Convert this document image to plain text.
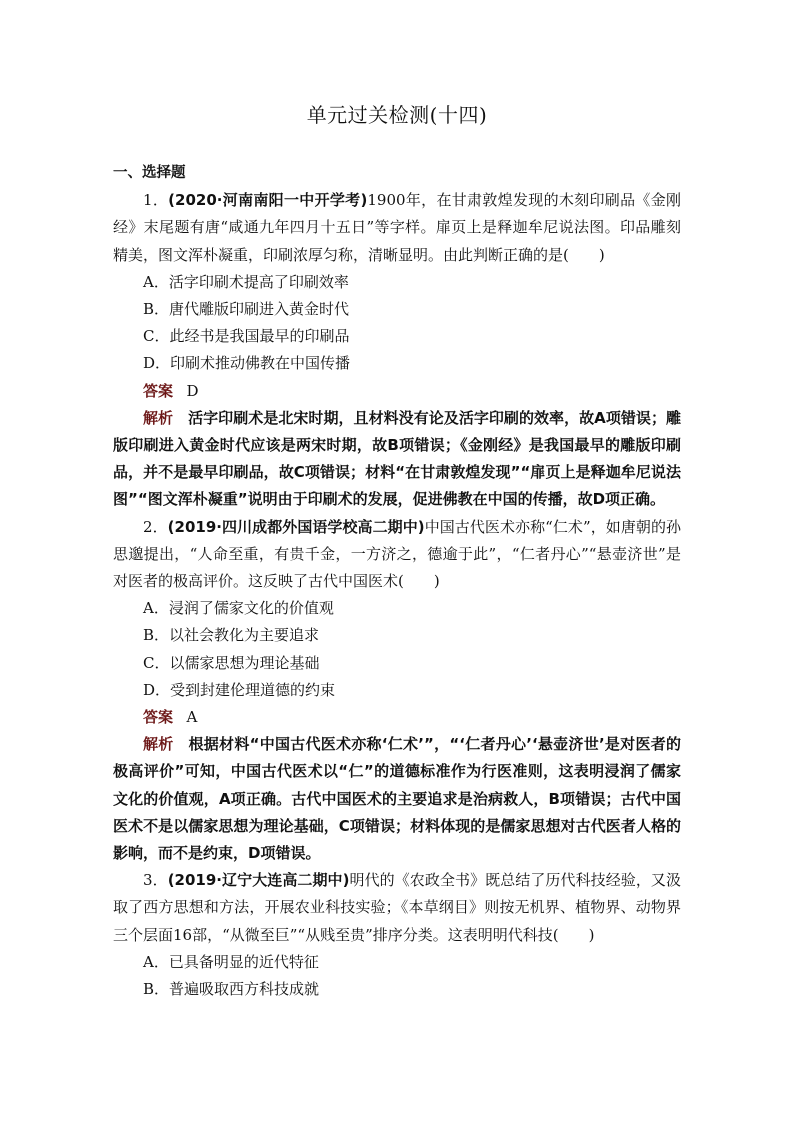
单元过关检测(十四)
一、选择题

1．(2020·河南南阳一中开学考)1900年，在甘肃敦煌发现的木刻印刷品《金刚经》末尾题有唐“咸通九年四月十五日”等字样。扉页上是释迦牟尼说法图。印品雕刻精美，图文浑朴凝重，印刷浓厚匀称，清晰显明。由此判断正确的是(　　)

A．活字印刷术提高了印刷效率

B．唐代雕版印刷进入黄金时代

C．此经书是我国最早的印刷品

D．印刷术推动佛教在中国传播

答案 D

解析 活字印刷术是北宋时期，且材料没有论及活字印刷的效率，故A项错误；雕版印刷进入黄金时代应该是两宋时期，故B项错误；《金刚经》是我国最早的雕版印刷品，并不是最早印刷品，故C项错误；材料“在甘肃敦煌发现”“扉页上是释迦牟尼说法图”“图文浑朴凝重”说明由于印刷术的发展，促进佛教在中国的传播，故D项正确。

2．(2019·四川成都外国语学校高二期中)中国古代医术亦称“仁术”，如唐朝的孙思邈提出，“人命至重，有贵千金，一方济之，德逾于此”，“仁者丹心”“悬壶济世”是对医者的极高评价。这反映了古代中国医术(　　)

A．浸润了儒家文化的价值观

B．以社会教化为主要追求

C．以儒家思想为理论基础

D．受到封建伦理道德的约束

答案 A

解析 根据材料“中国古代医术亦称‘仁术’”，“‘仁者丹心’‘悬壶济世’是对医者的极高评价”可知，中国古代医术以“仁”的道德标准作为行医准则，这表明浸润了儒家文化的价值观，A项正确。古代中国医术的主要追求是治病救人，B项错误；古代中国医术不是以儒家思想为理论基础，C项错误；材料体现的是儒家思想对古代医者人格的影响，而不是约束，D项错误。

3．(2019·辽宁大连高二期中)明代的《农政全书》既总结了历代科技经验，又汲取了西方思想和方法，开展农业科技实验；《本草纲目》则按无机界、植物界、动物界三个层面16部，“从微至巨”“从贱至贵”排序分类。这表明明代科技(　　)

A．已具备明显的近代特征

B．普遍吸取西方科技成就
